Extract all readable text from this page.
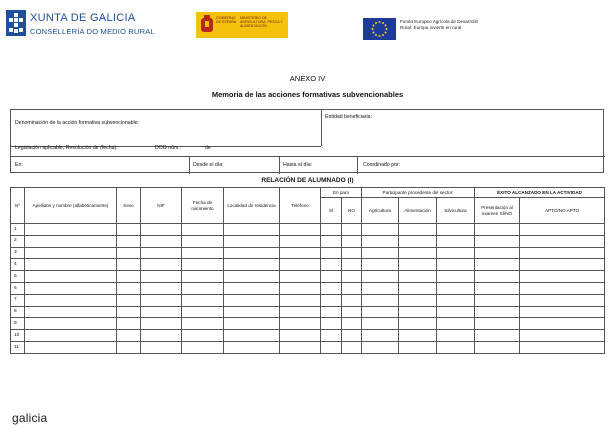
XUNTA DE GALICIA
CONSELLERÍA DO MEDIO RURAL
GOBIERNO DE ESPAÑA
MINISTERIO DE AGRICULTURA, PESCA Y ALIMENTACIÓN
Fondo Europeo Agrícola de Desarrollo Rural: Europa invierte en rural
ANEXO IV
Memoria de las acciones formativas subvencionables
Denominación de la acción formativa subvencionable:
Entidad beneficiaria:
Legislación aplicable, Resolución de (fecha):	DOG núm.:	de
En:	Desde el día:	Hasta el día:	Coordinado por:
RELACIÓN DE ALUMNADO (I)
Nº	Apellidos y nombre (alfabéticamente)	Sexo	NIF	Fecha de nacimiento	Localidad de residencia	Teléfono	En paro		Participante procedente del sector:			ÉXITO ALCANZADO EN LA ACTIVIDAD	
							SÍ	NO	Agricultura	Alimentación	Silvicultura	Presentación al examen SÍ/NO	APTO/NO APTO
1													
2													
3													
4													
5													
6													
7													
8													
9													
10													
11													
galicia
